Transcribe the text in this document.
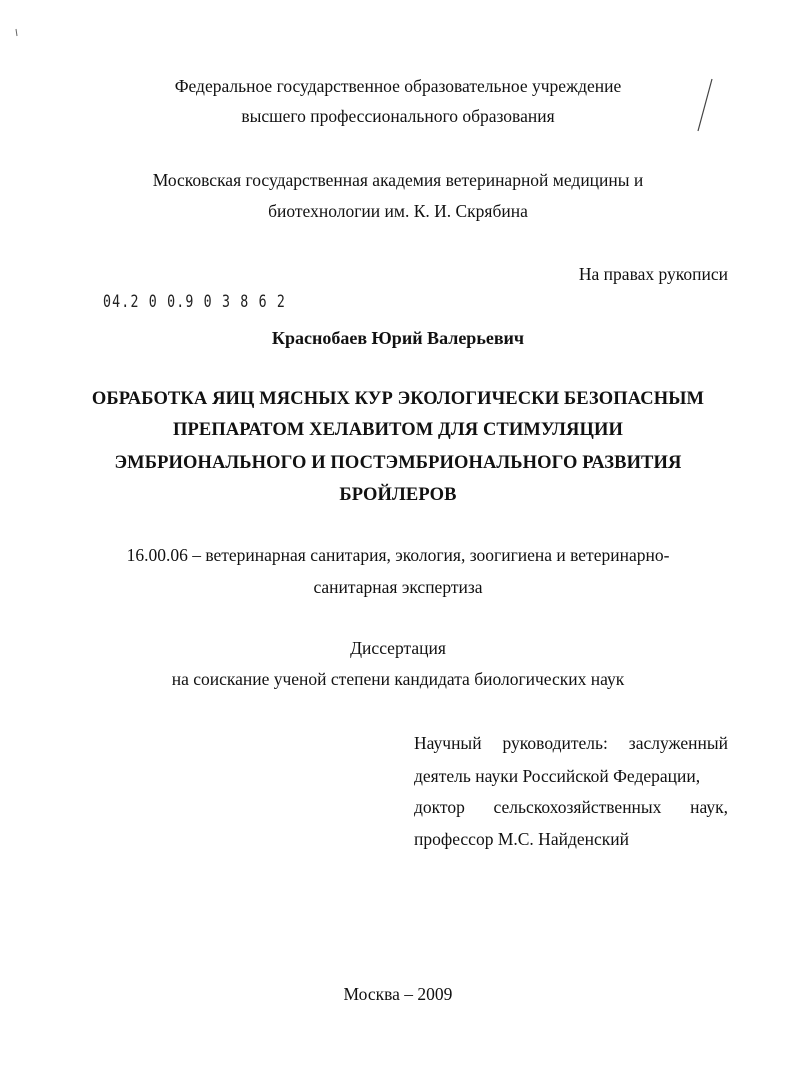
Федеральное государственное образовательное учреждение
высшего профессионального образования
Московская государственная академия ветеринарной медицины и
биотехнологии им. К. И. Скрябина
На правах рукописи
04.2 0 0.9 0 3 8 6 2
Краснобаев Юрий Валерьевич
ОБРАБОТКА ЯИЦ МЯСНЫХ КУР ЭКОЛОГИЧЕСКИ БЕЗОПАСНЫМ
ПРЕПАРАТОМ ХЕЛАВИТОМ ДЛЯ СТИМУЛЯЦИИ
ЭМБРИОНАЛЬНОГО И ПОСТЭМБРИОНАЛЬНОГО РАЗВИТИЯ
БРОЙЛЕРОВ
16.00.06 – ветеринарная санитария, экология, зоогигиена и ветеринарно-
санитарная экспертиза
Диссертация
на соискание ученой степени кандидата биологических наук
Научный руководитель: заслуженный
деятель науки Российской Федерации,
доктор сельскохозяйственных наук,
профессор М.С. Найденский
Москва – 2009
